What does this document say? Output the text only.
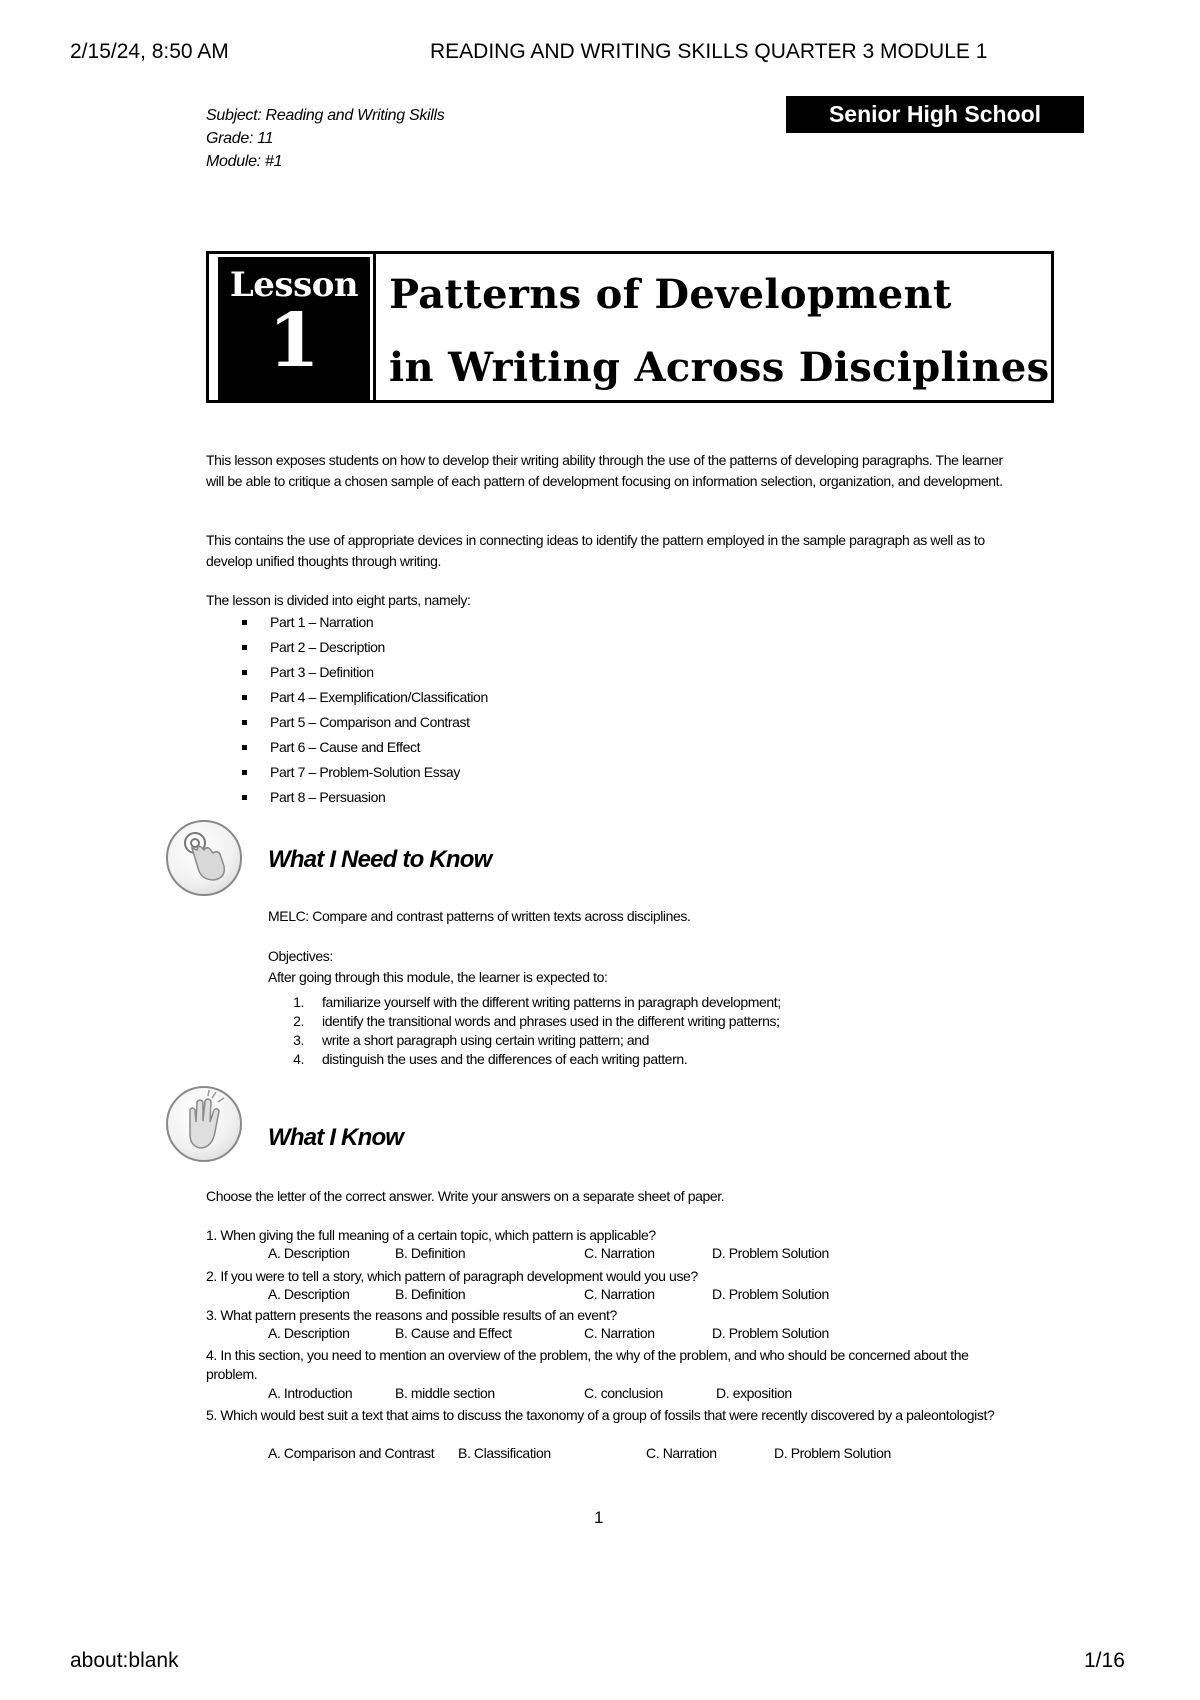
2/15/24, 8:50 AM	READING AND WRITING SKILLS QUARTER 3 MODULE 1
Subject: Reading and Writing Skills
Grade: 11
Module: #1
Senior High School
Lesson
1
Patterns of Development
in Writing Across Disciplines
This lesson exposes students on how to develop their writing ability through the use of the patterns of developing paragraphs. The learner will be able to critique a chosen sample of each pattern of development focusing on information selection, organization, and development.
This contains the use of appropriate devices in connecting ideas to identify the pattern employed in the sample paragraph as well as to develop unified thoughts through writing.
The lesson is divided into eight parts, namely:
Part 1 – Narration
Part 2 – Description
Part 3 – Definition
Part 4 – Exemplification/Classification
Part 5 – Comparison and Contrast
Part 6 – Cause and Effect
Part 7 – Problem-Solution Essay
Part 8 – Persuasion
What I Need to Know
MELC: Compare and contrast patterns of written texts across disciplines.
Objectives:
After going through this module, the learner is expected to:
1. familiarize yourself with the different writing patterns in paragraph development;
2. identify the transitional words and phrases used in the different writing patterns;
3. write a short paragraph using certain writing pattern; and
4. distinguish the uses and the differences of each writing pattern.
What I Know
Choose the letter of the correct answer. Write your answers on a separate sheet of paper.
1. When giving the full meaning of a certain topic, which pattern is applicable?
A. Description	B. Definition	C. Narration	D. Problem Solution
2. If you were to tell a story, which pattern of paragraph development would you use?
A. Description	B. Definition	C. Narration	D. Problem Solution
3. What pattern presents the reasons and possible results of an event?
A. Description	B. Cause and Effect	C. Narration	D. Problem Solution
4. In this section, you need to mention an overview of the problem, the why of the problem, and who should be concerned about the problem.
A. Introduction	B. middle section	C. conclusion	D. exposition
5. Which would best suit a text that aims to discuss the taxonomy of a group of fossils that were recently discovered by a paleontologist?
A. Comparison and Contrast B. Classification	C. Narration	D. Problem Solution
1
about:blank	1/16
